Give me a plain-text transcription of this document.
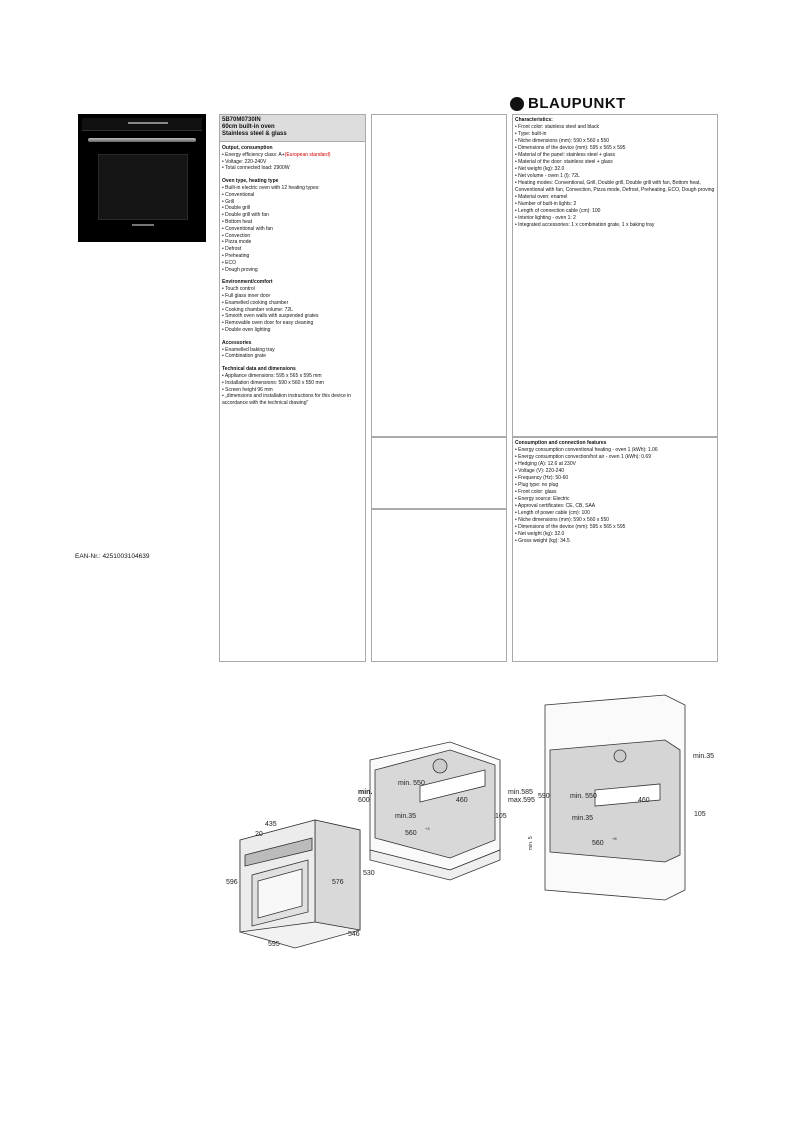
BLAUPUNKT
5B70M0730IN
60cm built-in oven
Stainless steel & glass
Output, consumption
• Energy efficiency class: A+(European standard)
• Voltage: 220-240V
• Total connected load: 2900W
Oven type, heating type
• Built-in electric oven with 12 heating types:
• Conventional
• Grill
• Double grill
• Double grill with fan
• Bottom heat
• Conventional with fan
• Convection
• Pizza mode
• Defrost
• Preheating
• ECO
• Dough proving
Environment/comfort
• Touch control
• Full glass inner door
• Enamelled cooking chamber
• Cooking chamber volume: 72L
• Smooth oven walls with suspended grates
• Removable oven door for easy cleaning
• Double oven lighting
Accessories
• Enamelled baking tray
• Combination grate
Technical data and dimensions
• Appliance dimensions: 595 x 565 x 595 mm
• Installation dimensions: 590 x 560 x 550 mm
• Screen height 96 mm
• „dimensions and installation instructions for this device in accordance with the technical drawing"
Characteristics:
• Front color: stainless steel and black
• Type: built-in
• Niche dimensions (mm): 590 x 560 x 550
• Dimensions of the device (mm): 595 x 565 x 595
• Material of the panel: stainless steel + glass
• Material of the door: stainless steel + glass
• Net weight (kg): 32.0
• Net volume - oven 1 (l): 72L
• Heating modes: Conventional, Grill, Double grill, Double grill with fan, Bottom heat, Conventional with fan, Convection, Pizza mode, Defrost, Preheating, ECO, Dough proving
• Material oven: enamel
• Number of built-in lights: 2
• Length of connection cable (cm): 100
• Interior lighting - oven 1: 2
• Integrated accessories: 1 x combination grate, 1 x baking tray
Consumption and connection features
• Energy consumption conventional heating - oven 1 (kWh): 1.06
• Energy consumption convection/hot air - oven 1 (kWh): 0.69
• Hedging (A): 12.6 at 230V
• Voltage (V): 220-240
• Frequency (Hz): 50-60
• Plug type: no plug
• Front color: glass
• Energy source: Electric
• Approval certificates: CE, CB, SAA
• Length of power cable (cm): 100
• Niche dimensions (mm): 590 x 560 x 550
• Dimensions of the device (mm): 595 x 565 x 595
• Net weight (kg): 32.0
• Gross weight (kg): 34.5
EAN-Nr.: 4251003104639
435
20
596	576
595
546
530
min.
600
min. 550
460
105
min.35
560
+3
min.585
max.595
590	min. 550
460
105
min.35
min.35
560
+8
min. 5
